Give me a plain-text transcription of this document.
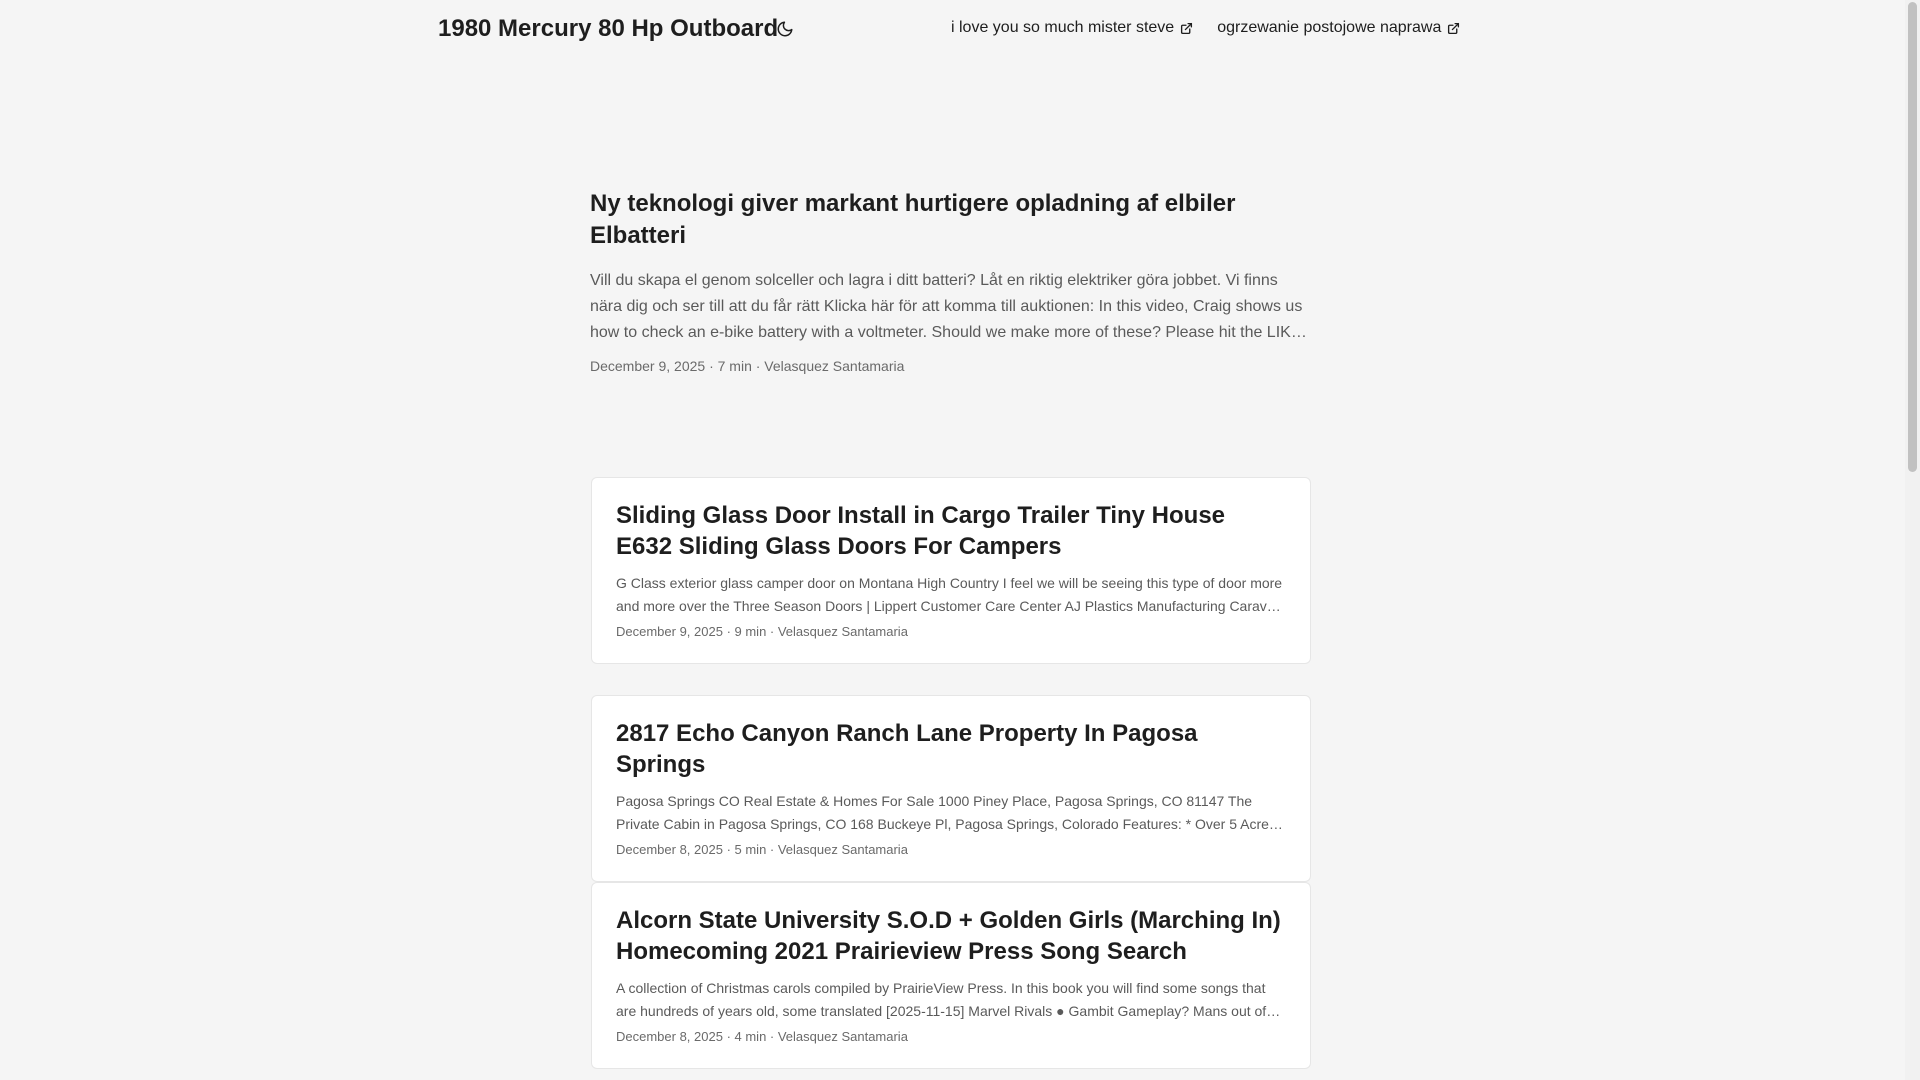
1980 Mercury 80 Hp Outboard	i love you so much mister steve	ogrzewanie postojowe naprawa
Ny teknologi giver markant hurtigere opladning af elbiler Elbatteri

Vill du skapa el genom solceller och lagra i ditt batteri? Låt en riktig elektriker göra jobbet. Vi finns nära dig och ser till att du får rätt Klicka här för att komma till auktionen: In this video, Craig shows us how to check an e-bike battery with a voltmeter. Should we make more of these? Please hit the LIKE

December 9, 2025 · 7 min · Velasquez Santamaria
Sliding Glass Door Install in Cargo Trailer Tiny House E632 Sliding Glass Doors For Campers

G Class exterior glass camper door on Montana High Country I feel we will be seeing this type of door more and more over the Three Season Doors | Lippert Customer Care Center AJ Plastics Manufacturing Caravan

December 9, 2025 · 9 min · Velasquez Santamaria
2817 Echo Canyon Ranch Lane Property In Pagosa Springs

Pagosa Springs CO Real Estate & Homes For Sale 1000 Piney Place, Pagosa Springs, CO 81147 The Private Cabin in Pagosa Springs, CO 168 Buckeye Pl, Pagosa Springs, Colorado Features: * Over 5 Acres *

December 8, 2025 · 5 min · Velasquez Santamaria
Alcorn State University S.O.D + Golden Girls (Marching In) Homecoming 2021 Prairieview Press Song Search

A collection of Christmas carols compiled by PrairieView Press. In this book you will find some songs that are hundreds of years old, some translated [2025-11-15] Marvel Rivals ● Gambit Gameplay? Mans out of

December 8, 2025 · 4 min · Velasquez Santamaria
